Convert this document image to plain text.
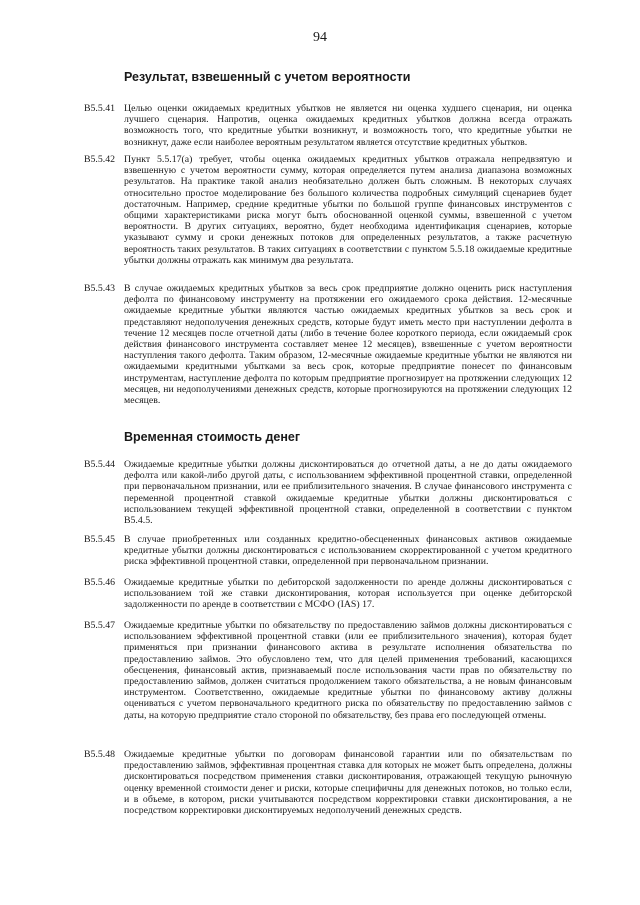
94
Результат, взвешенный с учетом вероятности
B5.5.41 Целью оценки ожидаемых кредитных убытков не является ни оценка худшего сценария, ни оценка лучшего сценария. Напротив, оценка ожидаемых кредитных убытков должна всегда отражать возможность того, что кредитные убытки возникнут, и возможность того, что кредитные убытки не возникнут, даже если наиболее вероятным результатом является отсутствие кредитных убытков.
B5.5.42 Пункт 5.5.17(a) требует, чтобы оценка ожидаемых кредитных убытков отражала непредвзятую и взвешенную с учетом вероятности сумму, которая определяется путем анализа диапазона возможных результатов. На практике такой анализ необязательно должен быть сложным. В некоторых случаях относительно простое моделирование без большого количества подробных симуляций сценариев будет достаточным. Например, средние кредитные убытки по большой группе финансовых инструментов с общими характеристиками риска могут быть обоснованной оценкой суммы, взвешенной с учетом вероятности. В других ситуациях, вероятно, будет необходима идентификация сценариев, которые указывают сумму и сроки денежных потоков для определенных результатов, а также расчетную вероятность таких результатов. В таких ситуациях в соответствии с пунктом 5.5.18 ожидаемые кредитные убытки должны отражать как минимум два результата.
B5.5.43 В случае ожидаемых кредитных убытков за весь срок предприятие должно оценить риск наступления дефолта по финансовому инструменту на протяжении его ожидаемого срока действия. 12-месячные ожидаемые кредитные убытки являются частью ожидаемых кредитных убытков за весь срок и представляют недополучения денежных средств, которые будут иметь место при наступлении дефолта в течение 12 месяцев после отчетной даты (либо в течение более короткого периода, если ожидаемый срок действия финансового инструмента составляет менее 12 месяцев), взвешенные с учетом вероятности наступления такого дефолта. Таким образом, 12-месячные ожидаемые кредитные убытки не являются ни ожидаемыми кредитными убытками за весь срок, которые предприятие понесет по финансовым инструментам, наступление дефолта по которым предприятие прогнозирует на протяжении следующих 12 месяцев, ни недополучениями денежных средств, которые прогнозируются на протяжении следующих 12 месяцев.
Временная стоимость денег
B5.5.44 Ожидаемые кредитные убытки должны дисконтироваться до отчетной даты, а не до даты ожидаемого дефолта или какой-либо другой даты, с использованием эффективной процентной ставки, определенной при первоначальном признании, или ее приблизительного значения. В случае финансового инструмента с переменной процентной ставкой ожидаемые кредитные убытки должны дисконтироваться с использованием текущей эффективной процентной ставки, определенной в соответствии с пунктом B5.4.5.
B5.5.45 В случае приобретенных или созданных кредитно-обесцененных финансовых активов ожидаемые кредитные убытки должны дисконтироваться с использованием скорректированной с учетом кредитного риска эффективной процентной ставки, определенной при первоначальном признании.
B5.5.46 Ожидаемые кредитные убытки по дебиторской задолженности по аренде должны дисконтироваться с использованием той же ставки дисконтирования, которая используется при оценке дебиторской задолженности по аренде в соответствии с МСФО (IAS) 17.
B5.5.47 Ожидаемые кредитные убытки по обязательству по предоставлению займов должны дисконтироваться с использованием эффективной процентной ставки (или ее приблизительного значения), которая будет применяться при признании финансового актива в результате исполнения обязательства по предоставлению займов. Это обусловлено тем, что для целей применения требований, касающихся обесценения, финансовый актив, признаваемый после использования части прав по обязательству по предоставлению займов, должен считаться продолжением такого обязательства, а не новым финансовым инструментом. Соответственно, ожидаемые кредитные убытки по финансовому активу должны оцениваться с учетом первоначального кредитного риска по обязательству по предоставлению займов с даты, на которую предприятие стало стороной по обязательству, без права его последующей отмены.
B5.5.48 Ожидаемые кредитные убытки по договорам финансовой гарантии или по обязательствам по предоставлению займов, эффективная процентная ставка для которых не может быть определена, должны дисконтироваться посредством применения ставки дисконтирования, отражающей текущую рыночную оценку временной стоимости денег и риски, которые специфичны для денежных потоков, но только если, и в объеме, в котором, риски учитываются посредством корректировки ставки дисконтирования, а не посредством корректировки дисконтируемых недополучений денежных средств.
